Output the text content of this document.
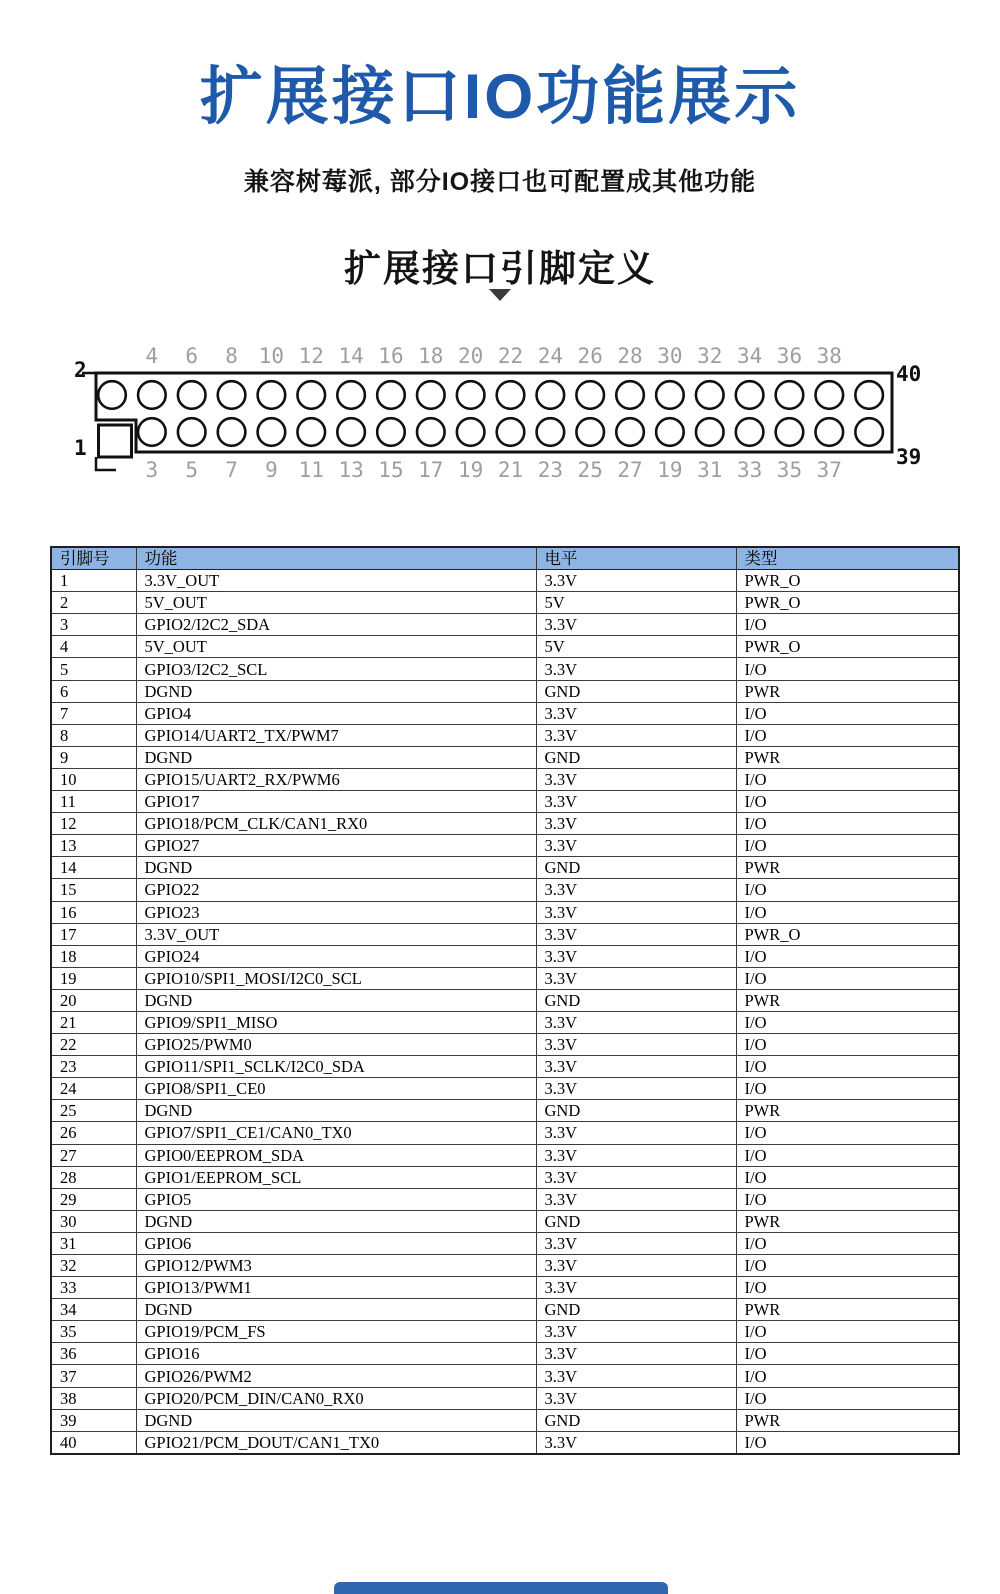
扩展接口IO功能展示
兼容树莓派, 部分IO接口也可配置成其他功能
扩展接口引脚定义
4 6 8 10 12 14 16 18 20 22 24 26 28 30 32 34 36 38
3 5 7 9 11 13 15 17 19 21 23 25 27 19 31 33 35 37
2
1
40
39
引脚号	功能	电平	类型
1	3.3V_OUT	3.3V	PWR_O
2	5V_OUT	5V	PWR_O
3	GPIO2/I2C2_SDA	3.3V	I/O
4	5V_OUT	5V	PWR_O
5	GPIO3/I2C2_SCL	3.3V	I/O
6	DGND	GND	PWR
7	GPIO4	3.3V	I/O
8	GPIO14/UART2_TX/PWM7	3.3V	I/O
9	DGND	GND	PWR
10	GPIO15/UART2_RX/PWM6	3.3V	I/O
11	GPIO17	3.3V	I/O
12	GPIO18/PCM_CLK/CAN1_RX0	3.3V	I/O
13	GPIO27	3.3V	I/O
14	DGND	GND	PWR
15	GPIO22	3.3V	I/O
16	GPIO23	3.3V	I/O
17	3.3V_OUT	3.3V	PWR_O
18	GPIO24	3.3V	I/O
19	GPIO10/SPI1_MOSI/I2C0_SCL	3.3V	I/O
20	DGND	GND	PWR
21	GPIO9/SPI1_MISO	3.3V	I/O
22	GPIO25/PWM0	3.3V	I/O
23	GPIO11/SPI1_SCLK/I2C0_SDA	3.3V	I/O
24	GPIO8/SPI1_CE0	3.3V	I/O
25	DGND	GND	PWR
26	GPIO7/SPI1_CE1/CAN0_TX0	3.3V	I/O
27	GPIO0/EEPROM_SDA	3.3V	I/O
28	GPIO1/EEPROM_SCL	3.3V	I/O
29	GPIO5	3.3V	I/O
30	DGND	GND	PWR
31	GPIO6	3.3V	I/O
32	GPIO12/PWM3	3.3V	I/O
33	GPIO13/PWM1	3.3V	I/O
34	DGND	GND	PWR
35	GPIO19/PCM_FS	3.3V	I/O
36	GPIO16	3.3V	I/O
37	GPIO26/PWM2	3.3V	I/O
38	GPIO20/PCM_DIN/CAN0_RX0	3.3V	I/O
39	DGND	GND	PWR
40	GPIO21/PCM_DOUT/CAN1_TX0	3.3V	I/O
